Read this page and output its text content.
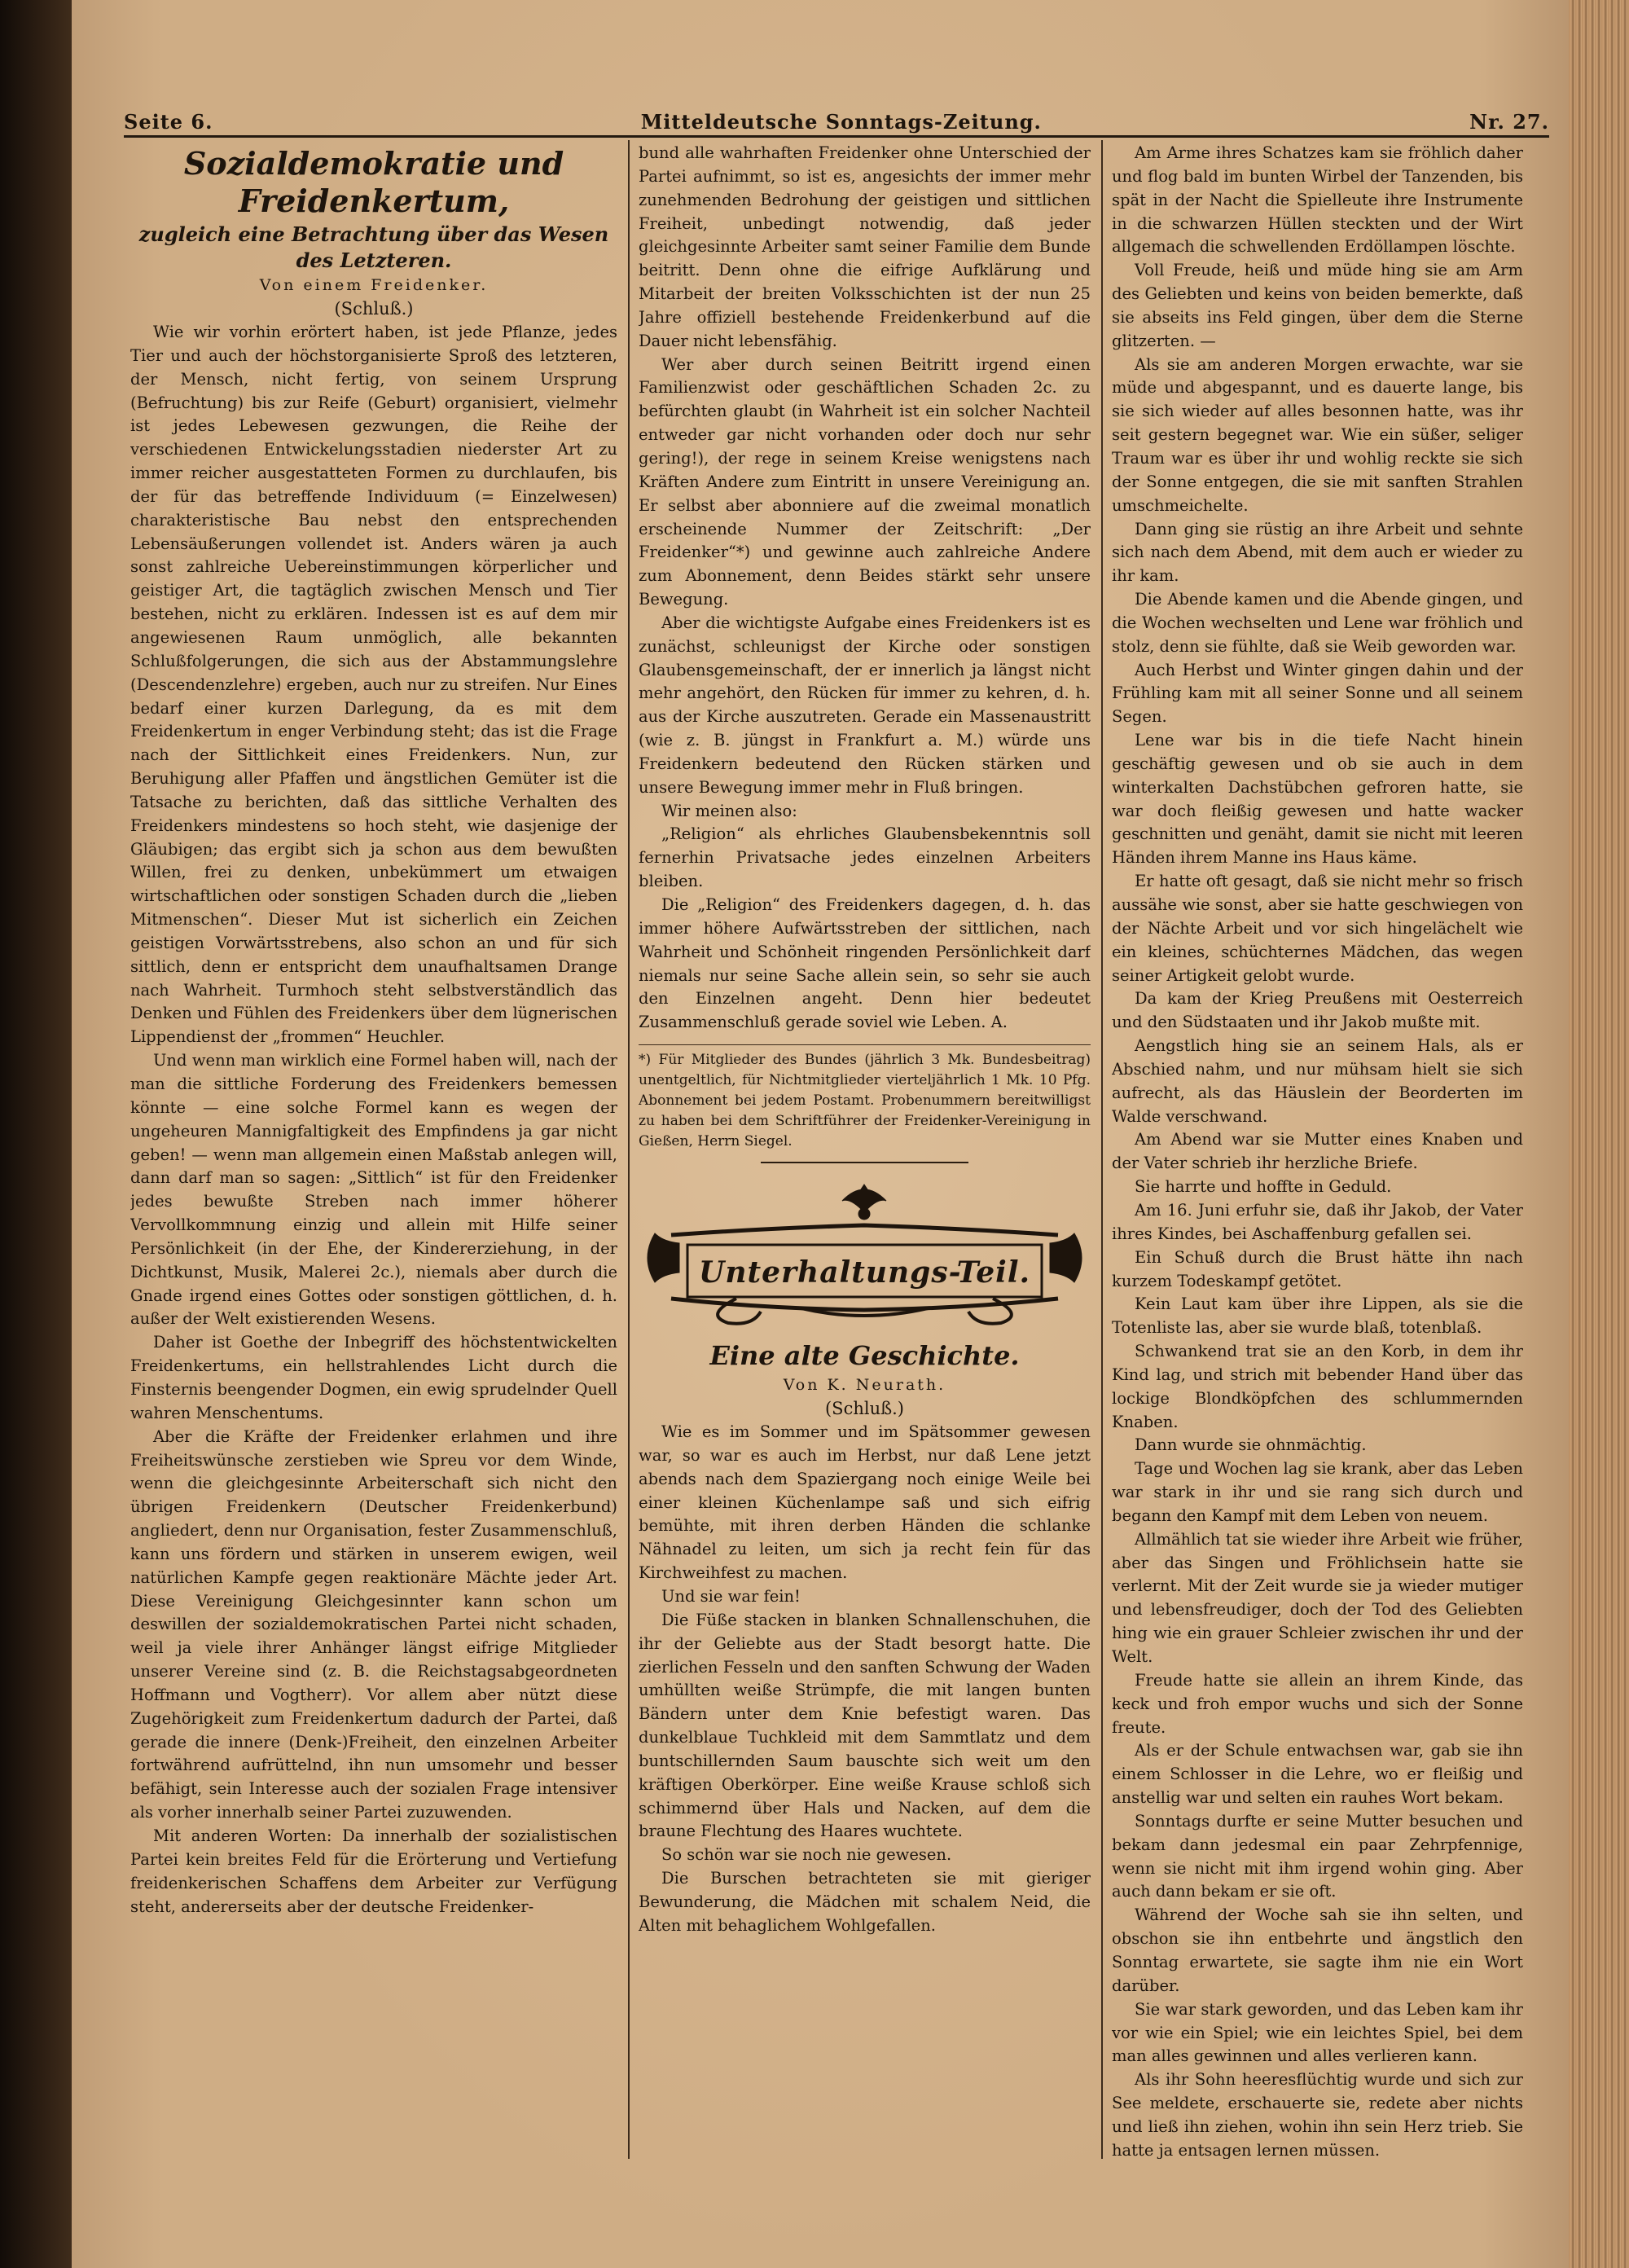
Seite 6.	Mitteldeutsche Sonntags-Zeitung.	Nr. 27.
Sozialdemokratie und Freidenkertum,
zugleich eine Betrachtung über das Wesen des Letzteren.
Von einem Freidenker.
(Schluß.)

Wie wir vorhin erörtert haben, ist jede Pflanze, jedes Tier und auch der höchstorganisierte Sproß des letzteren, der Mensch, nicht fertig, von seinem Ursprung (Befruchtung) bis zur Reife (Geburt) organisiert, vielmehr ist jedes Lebewesen gezwungen, die Reihe der verschiedenen Entwickelungsstadien niederster Art zu immer reicher ausgestatteten Formen zu durchlaufen, bis der für das betreffende Individuum (= Einzelwesen) charakteristische Bau nebst den entsprechenden Lebensäußerungen vollendet ist. Anders wären ja auch sonst zahlreiche Uebereinstimmungen körperlicher und geistiger Art, die tagtäglich zwischen Mensch und Tier bestehen, nicht zu erklären. Indessen ist es auf dem mir angewiesenen Raum unmöglich, alle bekannten Schlußfolgerungen, die sich aus der Abstammungslehre (Descendenzlehre) ergeben, auch nur zu streifen. Nur Eines bedarf einer kurzen Darlegung, da es mit dem Freidenkertum in enger Verbindung steht; das ist die Frage nach der Sittlichkeit eines Freidenkers. Nun, zur Beruhigung aller Pfaffen und ängstlichen Gemüter ist die Tatsache zu berichten, daß das sittliche Verhalten des Freidenkers mindestens so hoch steht, wie dasjenige der Gläubigen; das ergibt sich ja schon aus dem bewußten Willen, frei zu denken, unbekümmert um etwaigen wirtschaftlichen oder sonstigen Schaden durch die „lieben Mitmenschen“. Dieser Mut ist sicherlich ein Zeichen geistigen Vorwärtsstrebens, also schon an und für sich sittlich, denn er entspricht dem unaufhaltsamen Drange nach Wahrheit. Turmhoch steht selbstverständlich das Denken und Fühlen des Freidenkers über dem lügnerischen Lippendienst der „frommen“ Heuchler.

Und wenn man wirklich eine Formel haben will, nach der man die sittliche Forderung des Freidenkers bemessen könnte — eine solche Formel kann es wegen der ungeheuren Mannigfaltigkeit des Empfindens ja gar nicht geben! — wenn man allgemein einen Maßstab anlegen will, dann darf man so sagen: „Sittlich“ ist für den Freidenker jedes bewußte Streben nach immer höherer Vervollkommnung einzig und allein mit Hilfe seiner Persönlichkeit (in der Ehe, der Kindererziehung, in der Dichtkunst, Musik, Malerei 2c.), niemals aber durch die Gnade irgend eines Gottes oder sonstigen göttlichen, d. h. außer der Welt existierenden Wesens.

Daher ist Goethe der Inbegriff des höchstentwickelten Freidenkertums, ein hellstrahlendes Licht durch die Finsternis beengender Dogmen, ein ewig sprudelnder Quell wahren Menschentums.

Aber die Kräfte der Freidenker erlahmen und ihre Freiheitswünsche zerstieben wie Spreu vor dem Winde, wenn die gleichgesinnte Arbeiterschaft sich nicht den übrigen Freidenkern (Deutscher Freidenkerbund) angliedert, denn nur Organisation, fester Zusammenschluß, kann uns fördern und stärken in unserem ewigen, weil natürlichen Kampfe gegen reaktionäre Mächte jeder Art. Diese Vereinigung Gleichgesinnter kann schon um deswillen der sozialdemokratischen Partei nicht schaden, weil ja viele ihrer Anhänger längst eifrige Mitglieder unserer Vereine sind (z. B. die Reichstagsabgeordneten Hoffmann und Vogtherr). Vor allem aber nützt diese Zugehörigkeit zum Freidenkertum dadurch der Partei, daß gerade die innere (Denk-)Freiheit, den einzelnen Arbeiter fortwährend aufrüttelnd, ihn nun umsomehr und besser befähigt, sein Interesse auch der sozialen Frage intensiver als vorher innerhalb seiner Partei zuzuwenden.

Mit anderen Worten: Da innerhalb der sozialistischen Partei kein breites Feld für die Erörterung und Vertiefung freidenkerischen Schaffens dem Arbeiter zur Verfügung steht, andererseits aber der deutsche Freidenker-

bund alle wahrhaften Freidenker ohne Unterschied der Partei aufnimmt, so ist es, angesichts der immer mehr zunehmenden Bedrohung der geistigen und sittlichen Freiheit, unbedingt notwendig, daß jeder gleichgesinnte Arbeiter samt seiner Familie dem Bunde beitritt. Denn ohne die eifrige Aufklärung und Mitarbeit der breiten Volksschichten ist der nun 25 Jahre offiziell bestehende Freidenkerbund auf die Dauer nicht lebensfähig.

Wer aber durch seinen Beitritt irgend einen Familienzwist oder geschäftlichen Schaden 2c. zu befürchten glaubt (in Wahrheit ist ein solcher Nachteil entweder gar nicht vorhanden oder doch nur sehr gering!), der rege in seinem Kreise wenigstens nach Kräften Andere zum Eintritt in unsere Vereinigung an. Er selbst aber abonniere auf die zweimal monatlich erscheinende Nummer der Zeitschrift: „Der Freidenker“*) und gewinne auch zahlreiche Andere zum Abonnement, denn Beides stärkt sehr unsere Bewegung.

Aber die wichtigste Aufgabe eines Freidenkers ist es zunächst, schleunigst der Kirche oder sonstigen Glaubensgemeinschaft, der er innerlich ja längst nicht mehr angehört, den Rücken für immer zu kehren, d. h. aus der Kirche auszutreten. Gerade ein Massenaustritt (wie z. B. jüngst in Frankfurt a. M.) würde uns Freidenkern bedeutend den Rücken stärken und unsere Bewegung immer mehr in Fluß bringen.

Wir meinen also:

„Religion“ als ehrliches Glaubensbekenntnis soll fernerhin Privatsache jedes einzelnen Arbeiters bleiben.

Die „Religion“ des Freidenkers dagegen, d. h. das immer höhere Aufwärtsstreben der sittlichen, nach Wahrheit und Schönheit ringenden Persönlichkeit darf niemals nur seine Sache allein sein, so sehr sie auch den Einzelnen angeht. Denn hier bedeutet Zusammenschluß gerade soviel wie Leben. A.

*) Für Mitglieder des Bundes (jährlich 3 Mk. Bundesbeitrag) unentgeltlich, für Nichtmitglieder vierteljährlich 1 Mk. 10 Pfg. Abonnement bei jedem Postamt. Probenummern bereitwilligst zu haben bei dem Schriftführer der Freidenker-Vereinigung in Gießen, Herrn Siegel.
Unterhaltungs-Teil.
Eine alte Geschichte.
Von K. Neurath.
(Schluß.)

Wie es im Sommer und im Spätsommer gewesen war, so war es auch im Herbst, nur daß Lene jetzt abends nach dem Spaziergang noch einige Weile bei einer kleinen Küchenlampe saß und sich eifrig bemühte, mit ihren derben Händen die schlanke Nähnadel zu leiten, um sich ja recht fein für das Kirchweihfest zu machen.

Und sie war fein!

Die Füße stacken in blanken Schnallenschuhen, die ihr der Geliebte aus der Stadt besorgt hatte. Die zierlichen Fesseln und den sanften Schwung der Waden umhüllten weiße Strümpfe, die mit langen bunten Bändern unter dem Knie befestigt waren. Das dunkelblaue Tuchkleid mit dem Sammtlatz und dem buntschillernden Saum bauschte sich weit um den kräftigen Oberkörper. Eine weiße Krause schloß sich schimmernd über Hals und Nacken, auf dem die braune Flechtung des Haares wuchtete.

So schön war sie noch nie gewesen.

Die Burschen betrachteten sie mit gieriger Bewunderung, die Mädchen mit schalem Neid, die Alten mit behaglichem Wohlgefallen.

Am Arme ihres Schatzes kam sie fröhlich daher und flog bald im bunten Wirbel der Tanzenden, bis spät in der Nacht die Spielleute ihre Instrumente in die schwarzen Hüllen steckten und der Wirt allgemach die schwellenden Erdöllampen löschte.

Voll Freude, heiß und müde hing sie am Arm des Geliebten und keins von beiden bemerkte, daß sie abseits ins Feld gingen, über dem die Sterne glitzerten. —

Als sie am anderen Morgen erwachte, war sie müde und abgespannt, und es dauerte lange, bis sie sich wieder auf alles besonnen hatte, was ihr seit gestern begegnet war. Wie ein süßer, seliger Traum war es über ihr und wohlig reckte sie sich der Sonne entgegen, die sie mit sanften Strahlen umschmeichelte.

Dann ging sie rüstig an ihre Arbeit und sehnte sich nach dem Abend, mit dem auch er wieder zu ihr kam.

Die Abende kamen und die Abende gingen, und die Wochen wechselten und Lene war fröhlich und stolz, denn sie fühlte, daß sie Weib geworden war.

Auch Herbst und Winter gingen dahin und der Frühling kam mit all seiner Sonne und all seinem Segen.

Lene war bis in die tiefe Nacht hinein geschäftig gewesen und ob sie auch in dem winterkalten Dachstübchen gefroren hatte, sie war doch fleißig gewesen und hatte wacker geschnitten und genäht, damit sie nicht mit leeren Händen ihrem Manne ins Haus käme.

Er hatte oft gesagt, daß sie nicht mehr so frisch aussähe wie sonst, aber sie hatte geschwiegen von der Nächte Arbeit und vor sich hingelächelt wie ein kleines, schüchternes Mädchen, das wegen seiner Artigkeit gelobt wurde.

Da kam der Krieg Preußens mit Oesterreich und den Südstaaten und ihr Jakob mußte mit.

Aengstlich hing sie an seinem Hals, als er Abschied nahm, und nur mühsam hielt sie sich aufrecht, als das Häuslein der Beorderten im Walde verschwand.

Am Abend war sie Mutter eines Knaben und der Vater schrieb ihr herzliche Briefe.

Sie harrte und hoffte in Geduld.

Am 16. Juni erfuhr sie, daß ihr Jakob, der Vater ihres Kindes, bei Aschaffenburg gefallen sei.

Ein Schuß durch die Brust hätte ihn nach kurzem Todeskampf getötet.

Kein Laut kam über ihre Lippen, als sie die Totenliste las, aber sie wurde blaß, totenblaß.

Schwankend trat sie an den Korb, in dem ihr Kind lag, und strich mit bebender Hand über das lockige Blondköpfchen des schlummernden Knaben.

Dann wurde sie ohnmächtig.

Tage und Wochen lag sie krank, aber das Leben war stark in ihr und sie rang sich durch und begann den Kampf mit dem Leben von neuem.

Allmählich tat sie wieder ihre Arbeit wie früher, aber das Singen und Fröhlichsein hatte sie verlernt. Mit der Zeit wurde sie ja wieder mutiger und lebensfreudiger, doch der Tod des Geliebten hing wie ein grauer Schleier zwischen ihr und der Welt.

Freude hatte sie allein an ihrem Kinde, das keck und froh empor wuchs und sich der Sonne freute.

Als er der Schule entwachsen war, gab sie ihn einem Schlosser in die Lehre, wo er fleißig und anstellig war und selten ein rauhes Wort bekam.

Sonntags durfte er seine Mutter besuchen und bekam dann jedesmal ein paar Zehrpfennige, wenn sie nicht mit ihm irgend wohin ging. Aber auch dann bekam er sie oft.

Während der Woche sah sie ihn selten, und obschon sie ihn entbehrte und ängstlich den Sonntag erwartete, sie sagte ihm nie ein Wort darüber.

Sie war stark geworden, und das Leben kam ihr vor wie ein Spiel; wie ein leichtes Spiel, bei dem man alles gewinnen und alles verlieren kann.

Als ihr Sohn heeresflüchtig wurde und sich zur See meldete, erschauerte sie, redete aber nichts und ließ ihn ziehen, wohin ihn sein Herz trieb. Sie hatte ja entsagen lernen müssen.
